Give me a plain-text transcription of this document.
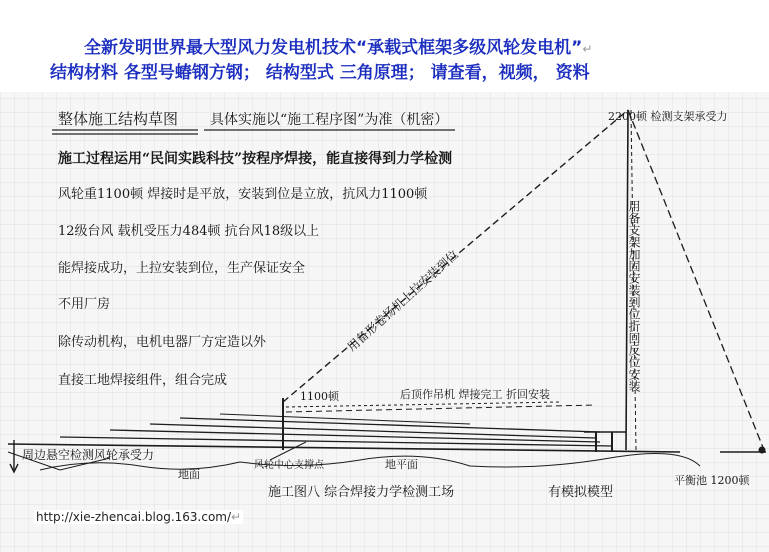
全新发明世界最大型风力发电机技术“承载式框架多级风轮发电机”↵
结构材料 各型号蝽钢方钢； 结构型式 三角原理； 请查看，视频， 资料
整体施工结构草图 具体实施以“施工程序图”为准（机密）
施工过程运用“民间实践科技”按程序焊接，能直接得到力学检测
风轮重1100顿 焊接时是平放，安装到位是立放，抗风力1100顿
12级台风 载机受压力484顿 抗台风18级以上
能焊接成功，上拉安装到位，生产保证安全
不用厂房
除传动机构，电机电器厂方定造以外
直接工地焊接组件，组合完成
2200顿 检测支架承受力
用备支架加固安装到位折回反位安装
用备形卷扬机上拉安装到位
1100顿	后顶作吊机 焊接完工 折回安装
周边悬空检测风轮承受力
地面
风轮中心支撑点	地平面
施工图八 综合焊接力学检测工场	有模拟模型
平衡池 1200顿
http://xie-zhencai.blog.163.com/↵
